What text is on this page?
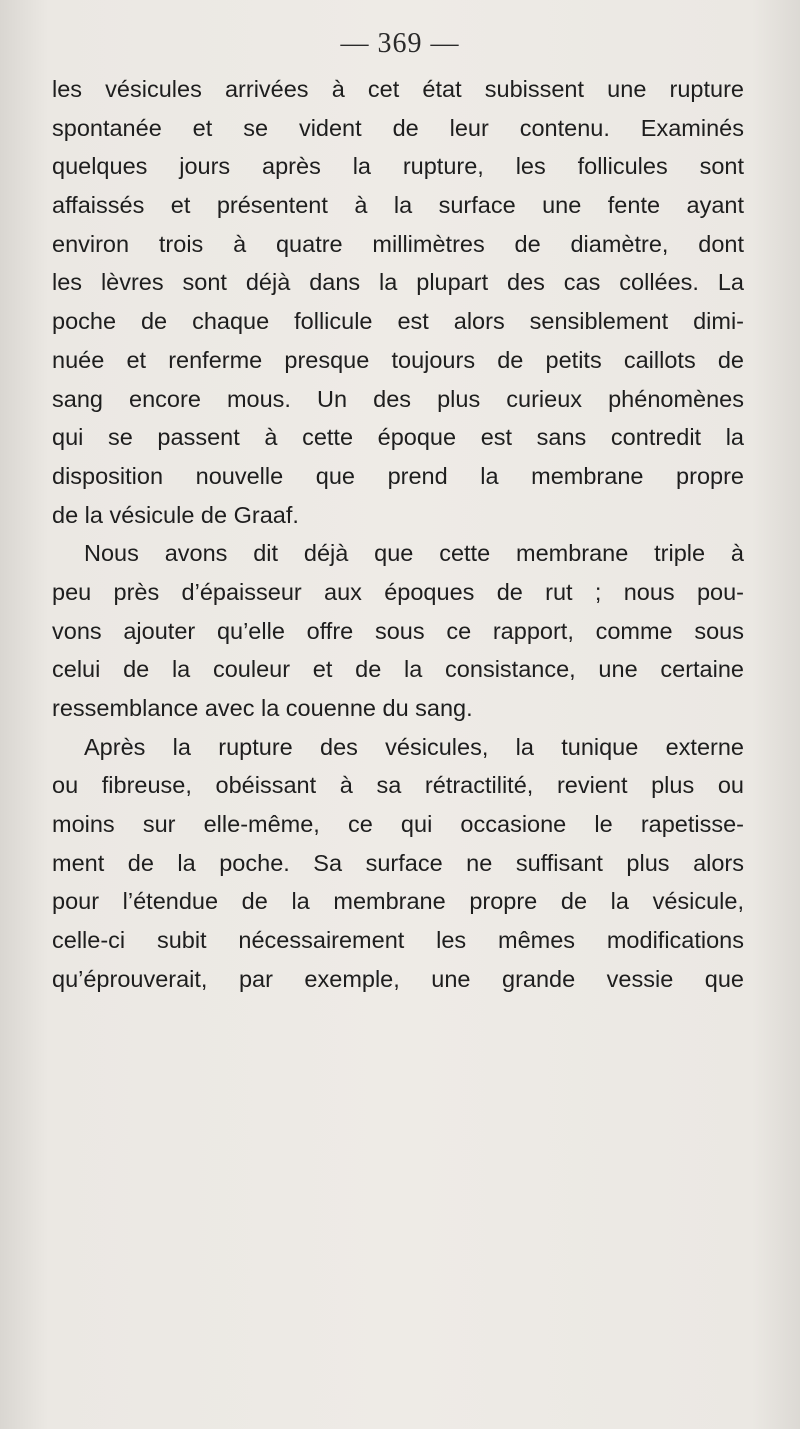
— 369 —
les vésicules arrivées à cet état subissent une rupture
spontanée et se vident de leur contenu. Examinés
quelques jours après la rupture, les follicules sont
affaissés et présentent à la surface une fente ayant
environ trois à quatre millimètres de diamètre, dont
les lèvres sont déjà dans la plupart des cas collées. La
poche de chaque follicule est alors sensiblement dimi-
nuée et renferme presque toujours de petits caillots de
sang encore mous. Un des plus curieux phénomènes
qui se passent à cette époque est sans contredit la
disposition nouvelle que prend la membrane propre
de la vésicule de Graaf.
Nous avons dit déjà que cette membrane triple à
peu près d’épaisseur aux époques de rut ; nous pou-
vons ajouter qu’elle offre sous ce rapport, comme sous
celui de la couleur et de la consistance, une certaine
ressemblance avec la couenne du sang.
Après la rupture des vésicules, la tunique externe
ou fibreuse, obéissant à sa rétractilité, revient plus ou
moins sur elle-même, ce qui occasione le rapetisse-
ment de la poche. Sa surface ne suffisant plus alors
pour l’étendue de la membrane propre de la vésicule,
celle-ci subit nécessairement les mêmes modifications
qu’éprouverait, par exemple, une grande vessie que
